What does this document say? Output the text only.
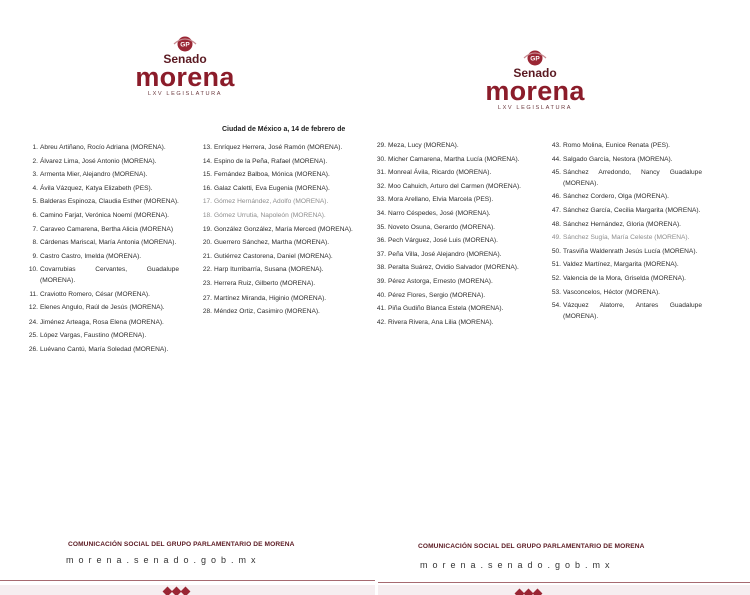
GP
Senado
morena
LXV LEGISLATURA
GP
Senado
morena
LXV LEGISLATURA
Ciudad de México a, 14 de febrero de
1. Abreu Artiñano, Rocío Adriana (MORENA).
2. Álvarez Lima, José Antonio (MORENA).
3. Armenta Mier, Alejandro (MORENA).
4. Ávila Vázquez, Katya Elizabeth (PES).
5. Balderas Espinoza, Claudia Esther (MORENA).
6. Camino Farjat, Verónica Noemí (MORENA).
7. Caraveo Camarena, Bertha Alicia (MORENA)
8. Cárdenas Mariscal, María Antonia (MORENA).
9. Castro Castro, Imelda (MORENA).
10. Covarrubias Cervantes, Guadalupe (MORENA).
11. Craviotto Romero, César (MORENA).
12. Elenes Angulo, Raúl de Jesús (MORENA).
24. Jiménez Arteaga, Rosa Elena (MORENA).
25. López Vargas, Faustino (MORENA).
26. Luévano Cantú, María Soledad (MORENA).
13. Enríquez Herrera, José Ramón (MORENA).
14. Espino de la Peña, Rafael (MORENA).
15. Fernández Balboa, Mónica (MORENA).
16. Galaz Caletti, Eva Eugenia (MORENA).
17. Gómez Hernández, Adolfo (MORENA).
18. Gómez Urrutia, Napoleón (MORENA).
19. González González, María Merced (MORENA).
20. Guerrero Sánchez, Martha (MORENA).
21. Gutiérrez Castorena, Daniel (MORENA).
22. Harp Iturribarría, Susana (MORENA).
23. Herrera Ruiz, Gilberto (MORENA).
27. Martínez Miranda, Higinio (MORENA).
28. Méndez Ortiz, Casimiro (MORENA).
29. Meza, Lucy (MORENA).
30. Micher Camarena, Martha Lucía (MORENA).
31. Monreal Ávila, Ricardo (MORENA).
32. Moo Cahuich, Arturo del Carmen (MORENA).
33. Mora Arellano, Elvia Marcela (PES).
34. Narro Céspedes, José (MORENA).
35. Noveto Osuna, Gerardo (MORENA).
36. Pech Várguez, José Luis (MORENA).
37. Peña Villa, José Alejandro (MORENA).
38. Peralta Suárez, Ovidio Salvador (MORENA).
39. Pérez Astorga, Ernesto (MORENA).
40. Pérez Flores, Sergio (MORENA).
41. Piña Gudiño Blanca Estela (MORENA).
42. Rivera Rivera, Ana Lilia (MORENA).
43. Romo Molina, Eunice Renata (PES).
44. Salgado García, Nestora (MORENA).
45. Sánchez Arredondo, Nancy Guadalupe (MORENA).
46. Sánchez Cordero, Olga (MORENA).
47. Sánchez García, Cecilia Margarita (MORENA).
48. Sánchez Hernández, Gloria (MORENA).
49. Sánchez Sugía, María Celeste (MORENA).
50. Trasviña Waldenrath Jesús Lucía (MORENA).
51. Valdez Martínez, Margarita (MORENA).
52. Valencia de la Mora, Griselda (MORENA).
53. Vasconcelos, Héctor (MORENA).
54. Vázquez Alatorre, Antares Guadalupe (MORENA).
COMUNICACIÓN SOCIAL DEL GRUPO PARLAMENTARIO DE MORENA
morena.senado.gob.mx
COMUNICACIÓN SOCIAL DEL GRUPO PARLAMENTARIO DE MORENA
morena.senado.gob.mx
